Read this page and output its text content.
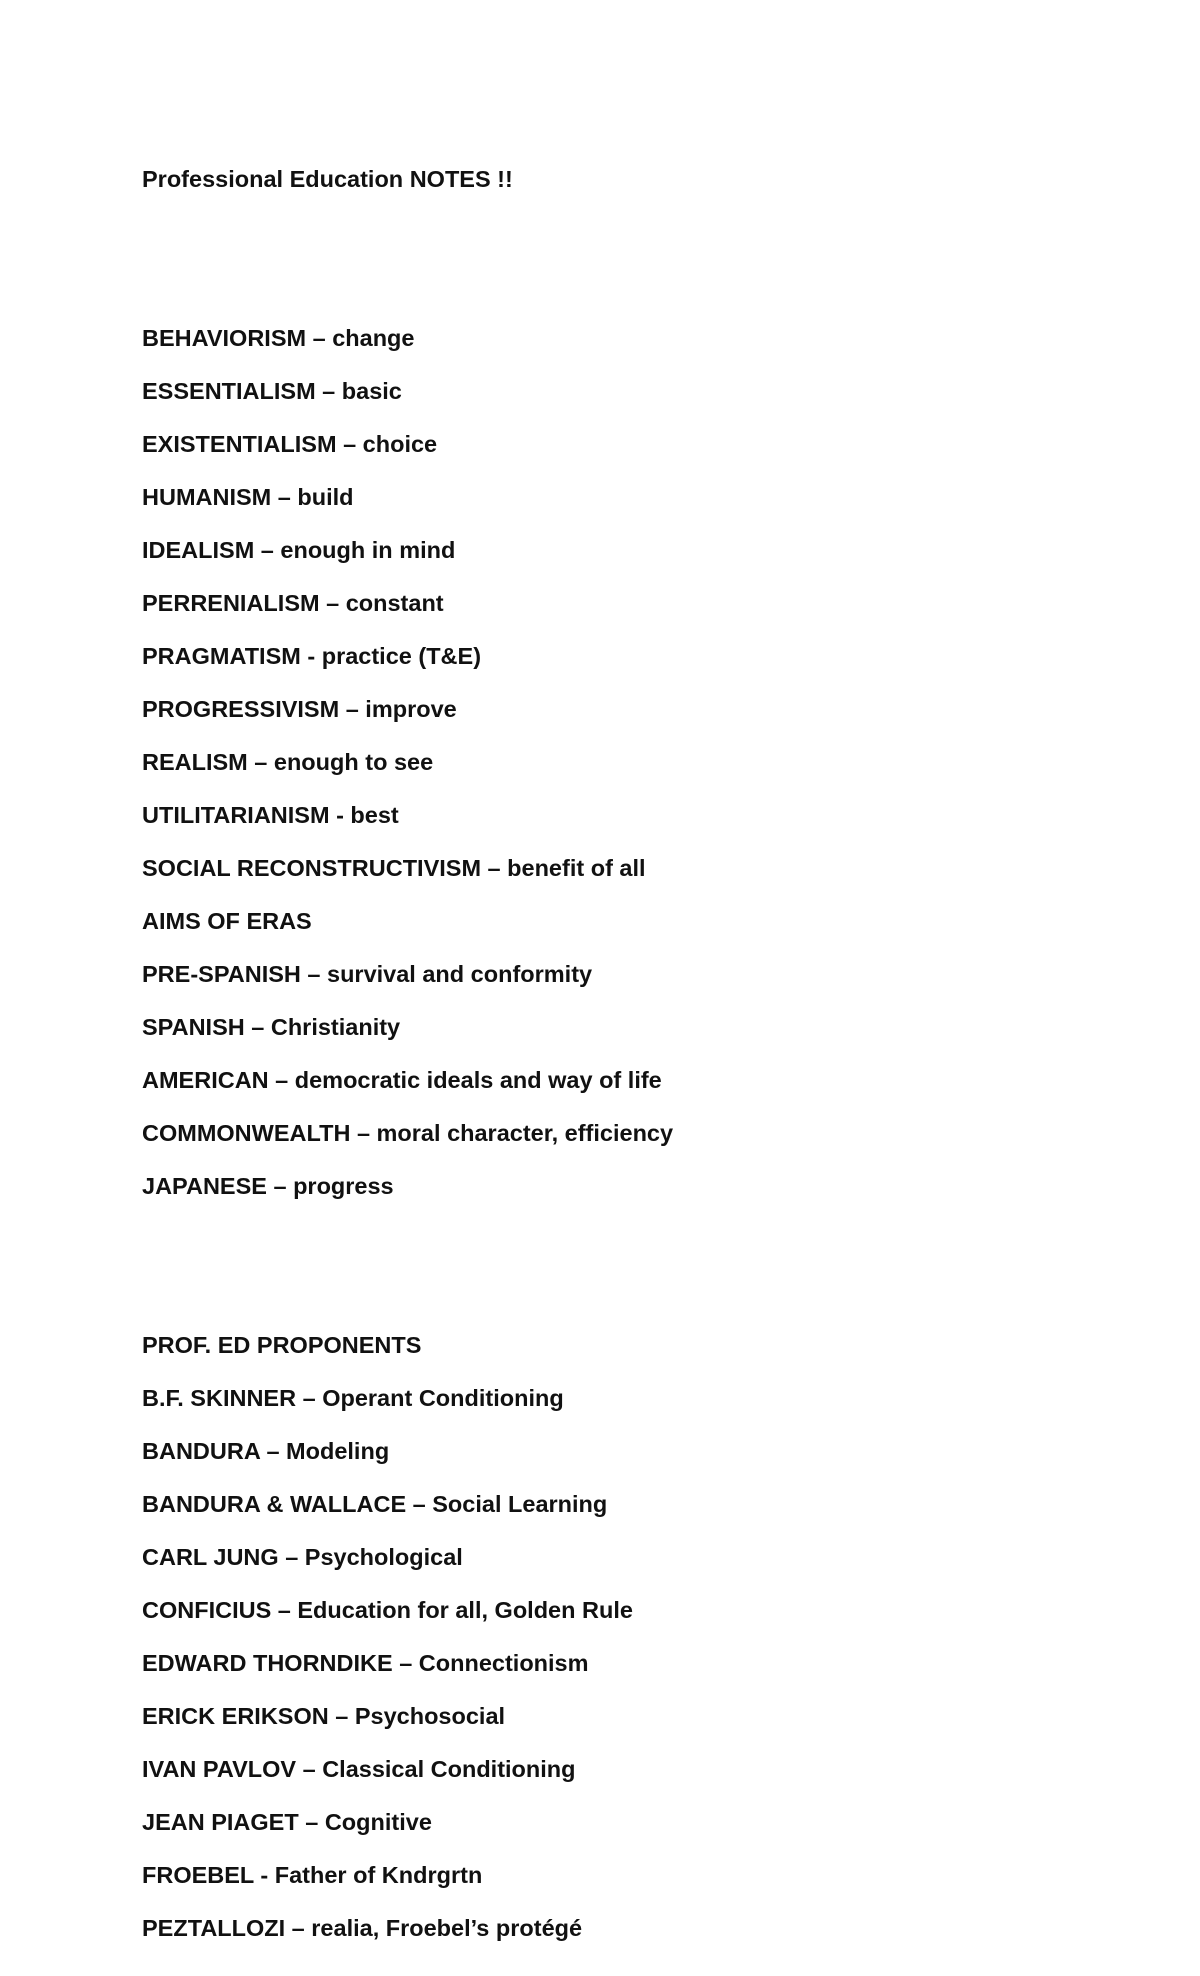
Professional Education NOTES !!
BEHAVIORISM – change
ESSENTIALISM – basic
EXISTENTIALISM – choice
HUMANISM – build
IDEALISM – enough in mind
PERRENIALISM – constant
PRAGMATISM - practice (T&E)
PROGRESSIVISM – improve
REALISM – enough to see
UTILITARIANISM - best
SOCIAL RECONSTRUCTIVISM – benefit of all
AIMS OF ERAS
PRE-SPANISH – survival and conformity
SPANISH – Christianity
AMERICAN – democratic ideals and way of life
COMMONWEALTH – moral character, efficiency
JAPANESE – progress
PROF. ED PROPONENTS
B.F. SKINNER – Operant Conditioning
BANDURA – Modeling
BANDURA & WALLACE – Social Learning
CARL JUNG – Psychological
CONFICIUS – Education for all, Golden Rule
EDWARD THORNDIKE – Connectionism
ERICK ERIKSON – Psychosocial
IVAN PAVLOV – Classical Conditioning
JEAN PIAGET – Cognitive
FROEBEL - Father of Kndrgrtn
PEZTALLOZI – realia, Froebel’s protégé
